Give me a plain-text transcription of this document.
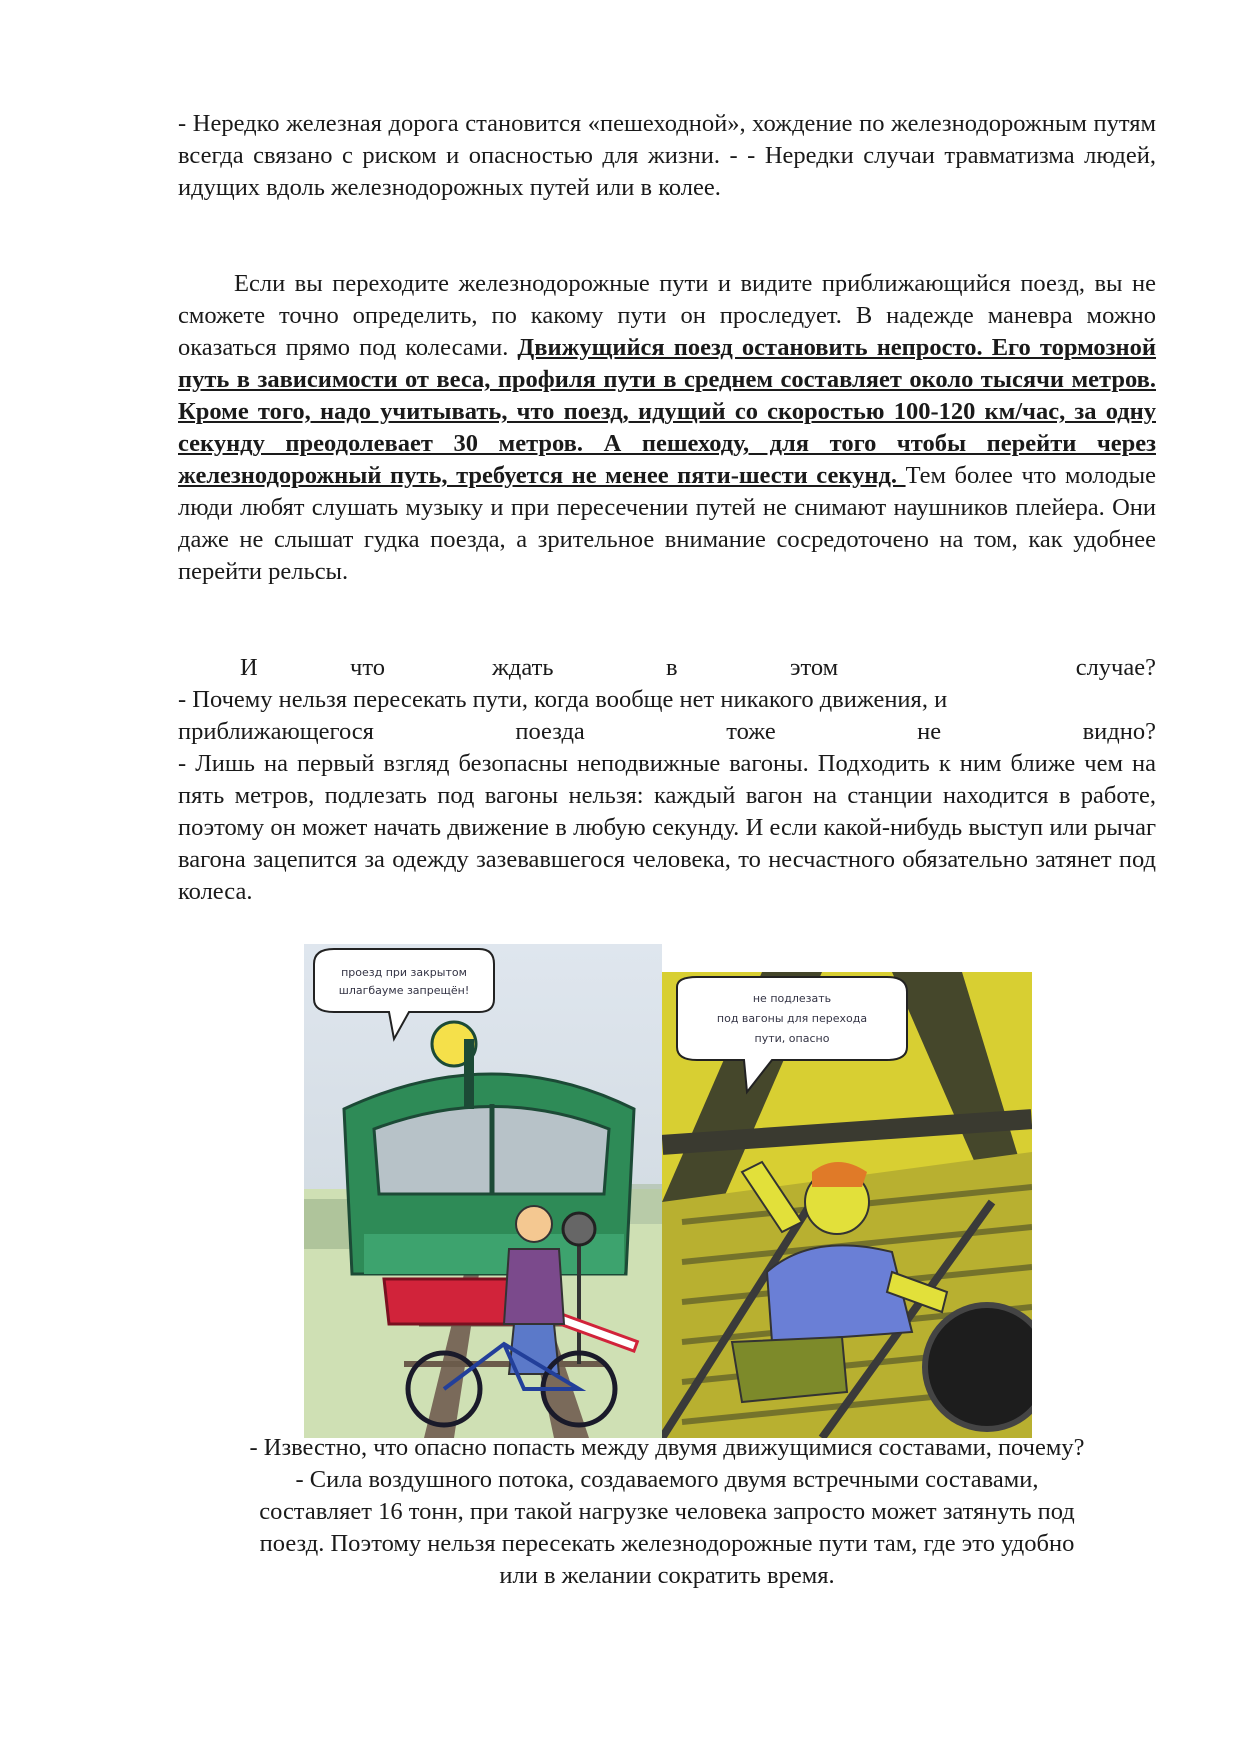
- Нередко железная дорога становится «пешеходной», хождение по железнодорожным путям всегда связано с риском и опасностью для жизни. - - Нередки случаи травматизма людей, идущих вдоль железнодорожных путей или в колее.
Если вы переходите железнодорожные пути и видите приближающийся поезд, вы не сможете точно определить, по какому пути он проследует. В надежде маневра можно оказаться прямо под колесами. Движущийся поезд остановить непросто. Его тормозной путь в зависимости от веса, профиля пути в среднем составляет около тысячи метров. Кроме того, надо учитывать, что поезд, идущий со скоростью 100-120 км/час, за одну секунду преодолевает 30 метров. А пешеходу, для того чтобы перейти через железнодорожный путь, требуется не менее пяти-шести секунд. Тем более что молодые люди любят слушать музыку и при пересечении путей не снимают наушников плейера. Они даже не слышат гудка поезда, а зрительное внимание сосредоточено на том, как удобнее перейти рельсы.
И	что	ждать	в	этом	случае?
- Почему нельзя пересекать пути, когда вообще нет никакого движения, и
приближающегося	поезда	тоже	не	видно?
- Лишь на первый взгляд безопасны неподвижные вагоны. Подходить к ним ближе чем на пять метров, подлезать под вагоны нельзя: каждый вагон на станции находится в работе, поэтому он может начать движение в любую секунду. И если какой-нибудь выступ или рычаг вагона зацепится за одежду зазевавшегося человека, то несчастного обязательно затянет под колеса.
проезд при закрытом
шлагбауме запрещён!
не подлезать
под вагоны для перехода
пути, опасно
- Известно, что опасно попасть между двумя движущимися составами, почему?
- Сила воздушного потока, создаваемого двумя встречными составами,
составляет 16 тонн, при такой нагрузке человека запросто может затянуть под
поезд. Поэтому нельзя пересекать железнодорожные пути там, где это удобно
или в желании сократить время.
